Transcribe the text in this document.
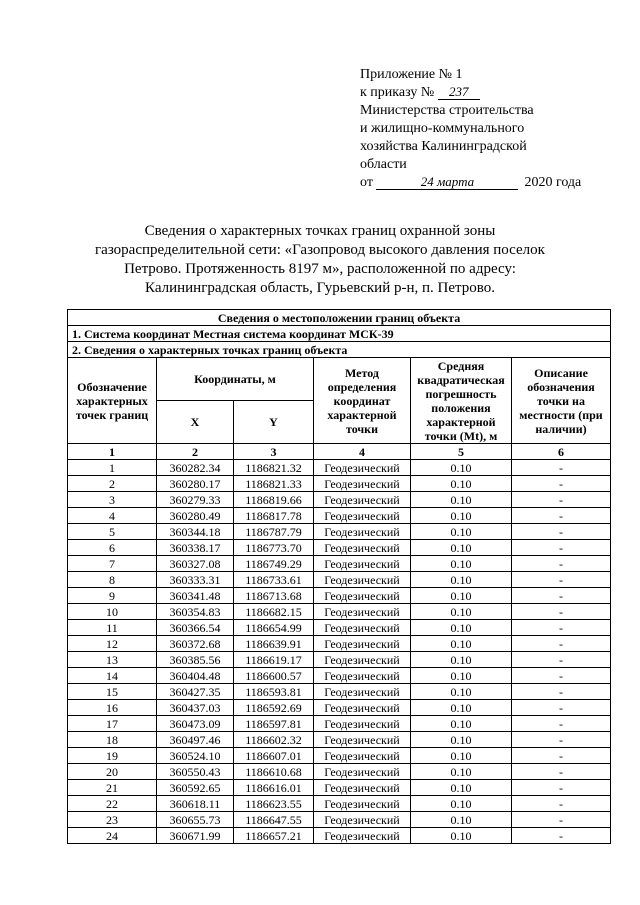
Приложение № 1
к приказу № 237
Министерства строительства
и жилищно-коммунального
хозяйства Калининградской
области
от	24 марта	2020 года
Сведения о характерных точках границ охранной зоны газораспределительной сети: «Газопровод высокого давления поселок Петрово. Протяженность 8197 м», расположенной по адресу: Калининградская область, Гурьевский р-н, п. Петрово.
Сведения о местоположении границ объекта					
1. Система координат Местная система координат МСК-39					
2. Сведения о характерных точках границ объекта					
Обозначение характерных точек границ	Координаты, м		Метод определения координат характерной точки	Средняя квадратическая погрешность положения характерной точки (Mt), м	Описание обозначения точки на местности (при наличии)
	X	Y			
1	2	3	4	5	6
1	360282.34	1186821.32	Геодезический	0.10	-
2	360280.17	1186821.33	Геодезический	0.10	-
3	360279.33	1186819.66	Геодезический	0.10	-
4	360280.49	1186817.78	Геодезический	0.10	-
5	360344.18	1186787.79	Геодезический	0.10	-
6	360338.17	1186773.70	Геодезический	0.10	-
7	360327.08	1186749.29	Геодезический	0.10	-
8	360333.31	1186733.61	Геодезический	0.10	-
9	360341.48	1186713.68	Геодезический	0.10	-
10	360354.83	1186682.15	Геодезический	0.10	-
11	360366.54	1186654.99	Геодезический	0.10	-
12	360372.68	1186639.91	Геодезический	0.10	-
13	360385.56	1186619.17	Геодезический	0.10	-
14	360404.48	1186600.57	Геодезический	0.10	-
15	360427.35	1186593.81	Геодезический	0.10	-
16	360437.03	1186592.69	Геодезический	0.10	-
17	360473.09	1186597.81	Геодезический	0.10	-
18	360497.46	1186602.32	Геодезический	0.10	-
19	360524.10	1186607.01	Геодезический	0.10	-
20	360550.43	1186610.68	Геодезический	0.10	-
21	360592.65	1186616.01	Геодезический	0.10	-
22	360618.11	1186623.55	Геодезический	0.10	-
23	360655.73	1186647.55	Геодезический	0.10	-
24	360671.99	1186657.21	Геодезический	0.10	-
